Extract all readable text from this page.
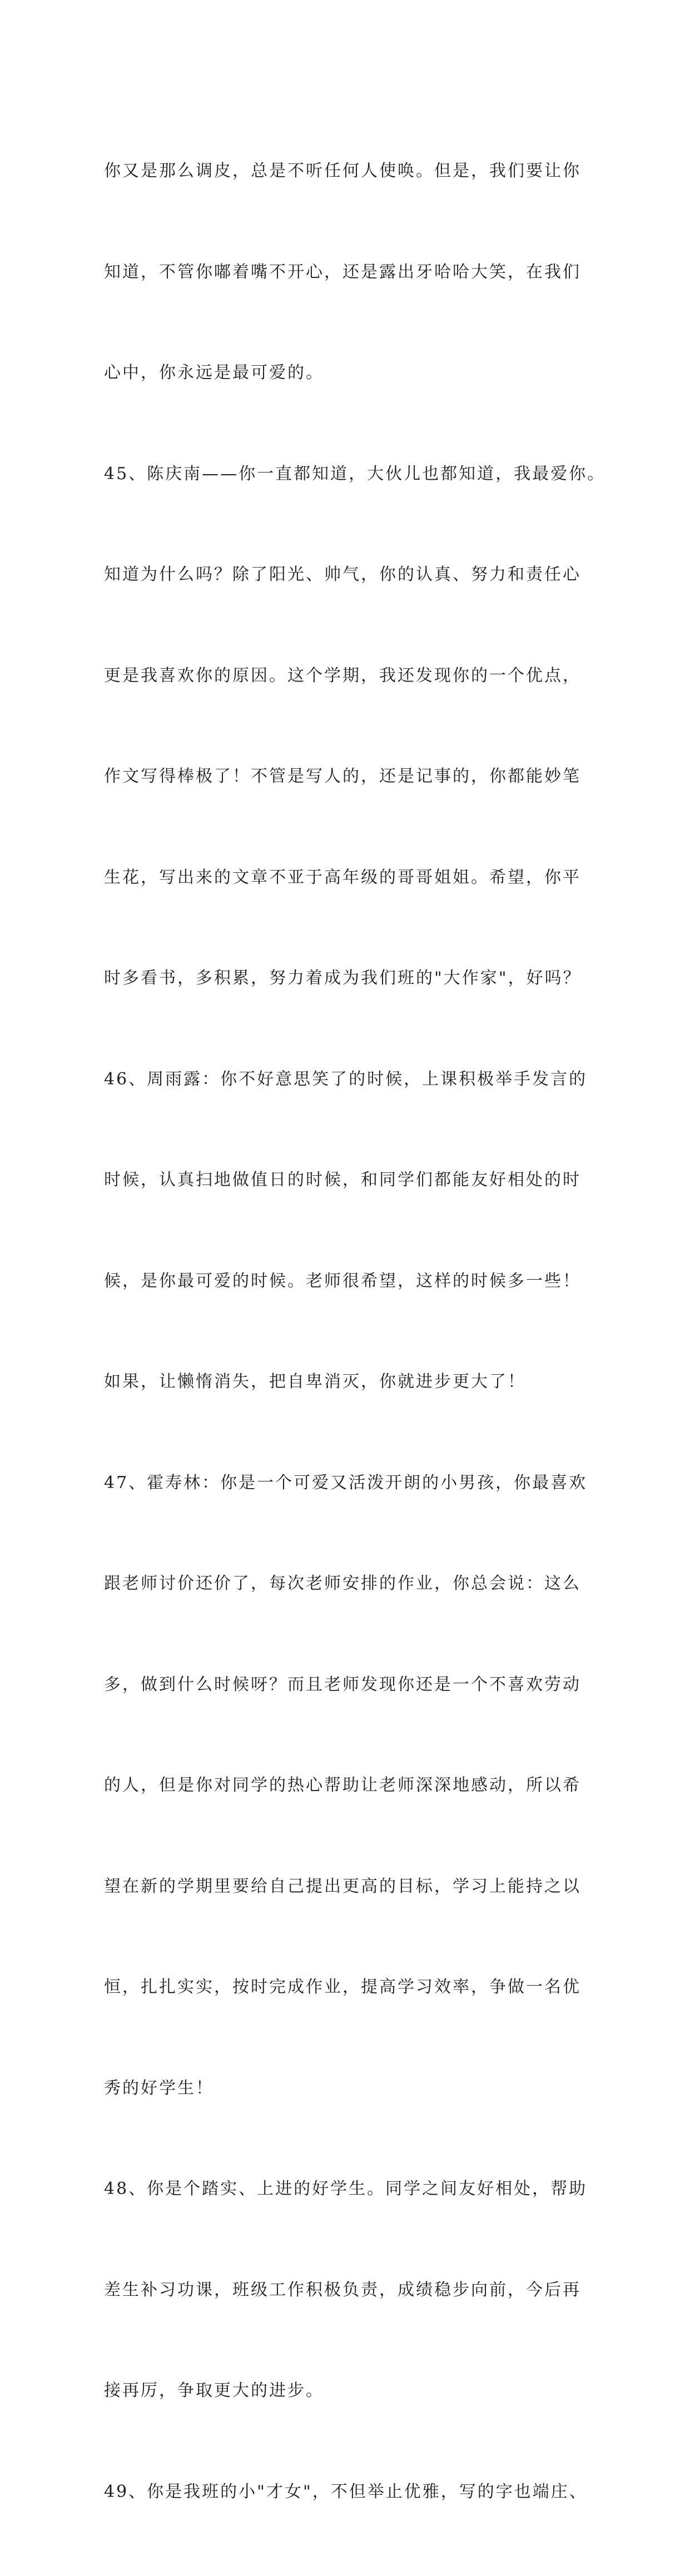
你又是那么调皮，总是不听任何人使唤。但是，我们要让你

知道，不管你嘟着嘴不开心，还是露出牙哈哈大笑，在我们

心中，你永远是最可爱的。

45、陈庆南——你一直都知道，大伙儿也都知道，我最爱你。

知道为什么吗？除了阳光、帅气，你的认真、努力和责任心

更是我喜欢你的原因。这个学期，我还发现你的一个优点，

作文写得棒极了！不管是写人的，还是记事的，你都能妙笔

生花，写出来的文章不亚于高年级的哥哥姐姐。希望，你平

时多看书，多积累，努力着成为我们班的"大作家"，好吗？

46、周雨露：你不好意思笑了的时候，上课积极举手发言的

时候，认真扫地做值日的时候，和同学们都能友好相处的时

候，是你最可爱的时候。老师很希望，这样的时候多一些！

如果，让懒惰消失，把自卑消灭，你就进步更大了！

47、霍寿林：你是一个可爱又活泼开朗的小男孩，你最喜欢

跟老师讨价还价了，每次老师安排的作业，你总会说：这么

多，做到什么时候呀？而且老师发现你还是一个不喜欢劳动

的人，但是你对同学的热心帮助让老师深深地感动，所以希

望在新的学期里要给自己提出更高的目标，学习上能持之以

恒，扎扎实实，按时完成作业，提高学习效率，争做一名优

秀的好学生！

48、你是个踏实、上进的好学生。同学之间友好相处，帮助

差生补习功课，班级工作积极负责，成绩稳步向前，今后再

接再厉，争取更大的进步。

49、你是我班的小"才女"，不但举止优雅，写的字也端庄、
